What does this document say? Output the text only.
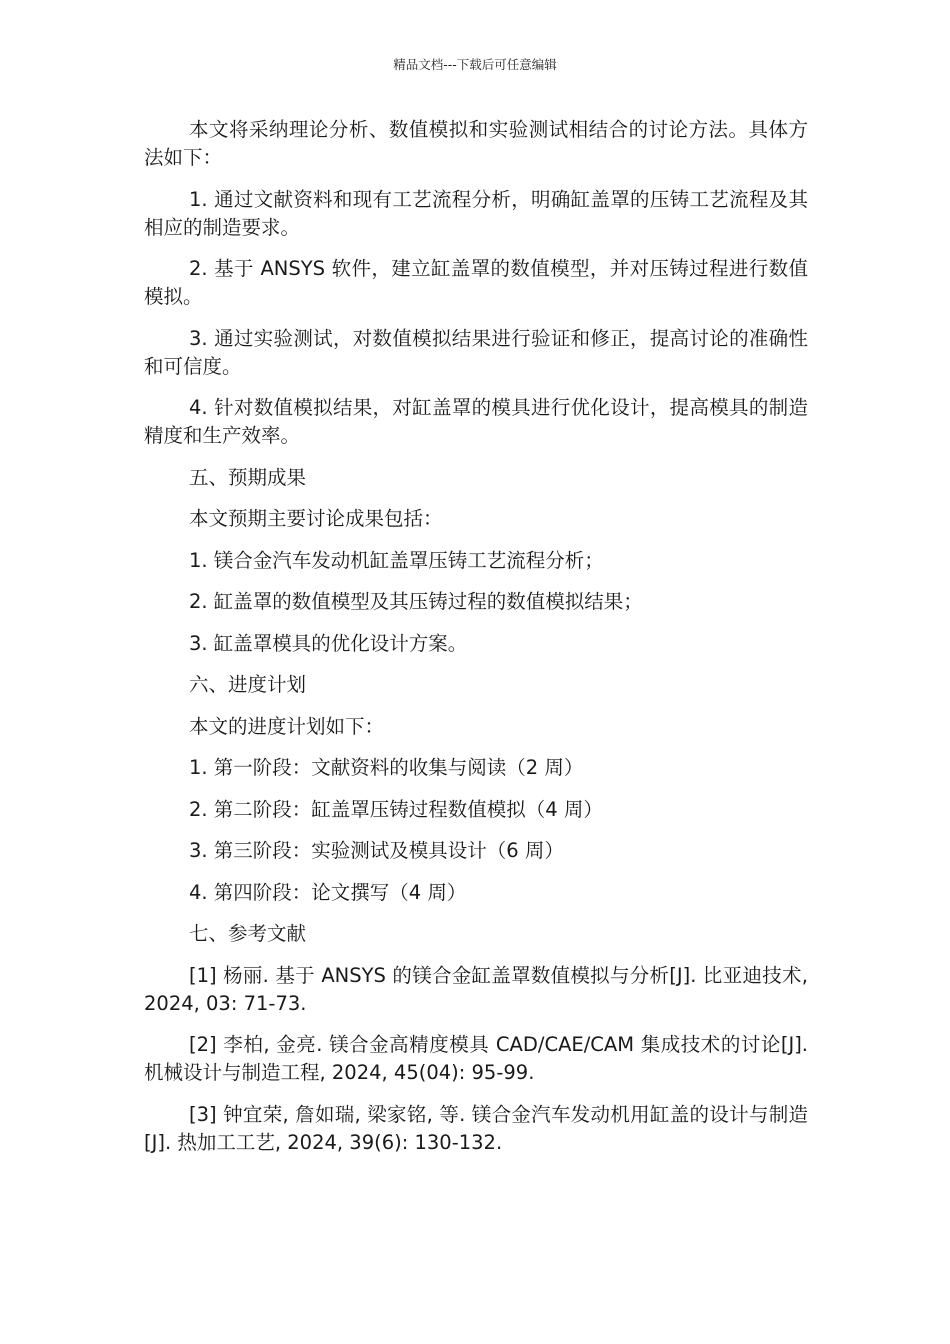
精品文档---下载后可任意编辑

本文将采纳理论分析、数值模拟和实验测试相结合的讨论方法。具体方法如下：

1. 通过文献资料和现有工艺流程分析，明确缸盖罩的压铸工艺流程及其相应的制造要求。

2. 基于 ANSYS 软件，建立缸盖罩的数值模型，并对压铸过程进行数值模拟。

3. 通过实验测试，对数值模拟结果进行验证和修正，提高讨论的准确性和可信度。

4. 针对数值模拟结果，对缸盖罩的模具进行优化设计，提高模具的制造精度和生产效率。

五、预期成果

本文预期主要讨论成果包括：

1. 镁合金汽车发动机缸盖罩压铸工艺流程分析；

2. 缸盖罩的数值模型及其压铸过程的数值模拟结果；

3. 缸盖罩模具的优化设计方案。

六、进度计划

本文的进度计划如下：

1. 第一阶段：文献资料的收集与阅读（2 周）

2. 第二阶段：缸盖罩压铸过程数值模拟（4 周）

3. 第三阶段：实验测试及模具设计（6 周）

4. 第四阶段：论文撰写（4 周）

七、参考文献

[1] 杨丽. 基于 ANSYS 的镁合金缸盖罩数值模拟与分析[J]. 比亚迪技术, 2024, 03: 71-73.

[2] 李柏, 金亮. 镁合金高精度模具 CAD/CAE/CAM 集成技术的讨论[J]. 机械设计与制造工程, 2024, 45(04): 95-99.

[3] 钟宜荣, 詹如瑞, 梁家铭, 等. 镁合金汽车发动机用缸盖的设计与制造[J]. 热加工工艺, 2024, 39(6): 130-132.
